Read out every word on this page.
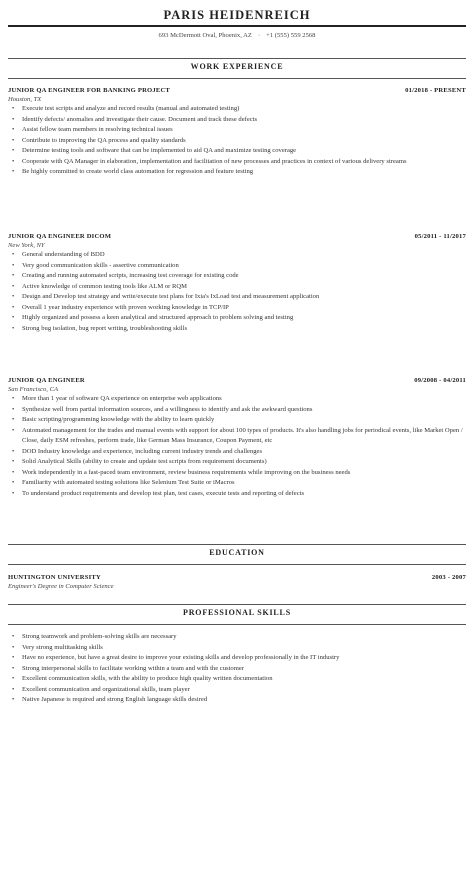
PARIS HEIDENREICH
693 McDermott Oval, Phoenix, AZ · +1 (555) 559 2568
WORK EXPERIENCE
JUNIOR QA ENGINEER FOR BANKING PROJECT	01/2018 - PRESENT
Houston, TX
• Execute test scripts and analyze and record results (manual and automated testing)
• Identify defects/ anomalies and investigate their cause. Document and track these defects
• Assist fellow team members in resolving technical issues
• Contribute to improving the QA process and quality standards
• Determine testing tools and software that can be implemented to aid QA and maximize testing coverage
• Cooperate with QA Manager in elaboration, implementation and facilitation of new processes and practices in context of various delivery streams
• Be highly committed to create world class automation for regression and feature testing
JUNIOR QA ENGINEER DICOM	05/2011 - 11/2017
New York, NY
• General understanding of BDD
• Very good communication skills - assertive communication
• Creating and running automated scripts, increasing test coverage for existing code
• Active knowledge of common testing tools like ALM or RQM
• Design and Develop test strategy and write/execute test plans for Ixia's IxLoad test and measurement application
• Overall 1 year industry experience with proven working knowledge in TCP/IP
• Highly organized and possess a keen analytical and structured approach to problem solving and testing
• Strong bug isolation, bug report writing, troubleshooting skills
JUNIOR QA ENGINEER	09/2008 - 04/2011
San Francisco, CA
• More than 1 year of software QA experience on enterprise web applications
• Synthesize well from partial information sources, and a willingness to identify and ask the awkward questions
• Basic scripting/programming knowledge with the ability to learn quickly
• Automated management for the trades and manual events with support for about 100 types of products. It's also handling jobs for periodical events, like Market Open / Close, daily ESM refreshes, perform trade, like German Mass Insurance, Coupon Payment, etc
• DOD Industry knowledge and experience, including current industry trends and challenges
• Solid Analytical Skills (ability to create and update test scripts from requirement documents)
• Work independently in a fast-paced team environment, review business requirements while improving on the business needs
• Familiarity with automated testing solutions like Selenium Test Suite or iMacros
• To understand product requirements and develop test plan, test cases, execute tests and reporting of defects
EDUCATION
HUNTINGTON UNIVERSITY	2003 - 2007
Engineer's Degree in Computer Science
PROFESSIONAL SKILLS
• Strong teamwork and problem-solving skills are necessary
• Very strong multitasking skills
• Have no experience, but have a great desire to improve your existing skills and develop professionally in the IT industry
• Strong interpersonal skills to facilitate working within a team and with the customer
• Excellent communication skills, with the ability to produce high quality written documentation
• Excellent communication and organizational skills, team player
• Native Japanese is required and strong English language skills desired
